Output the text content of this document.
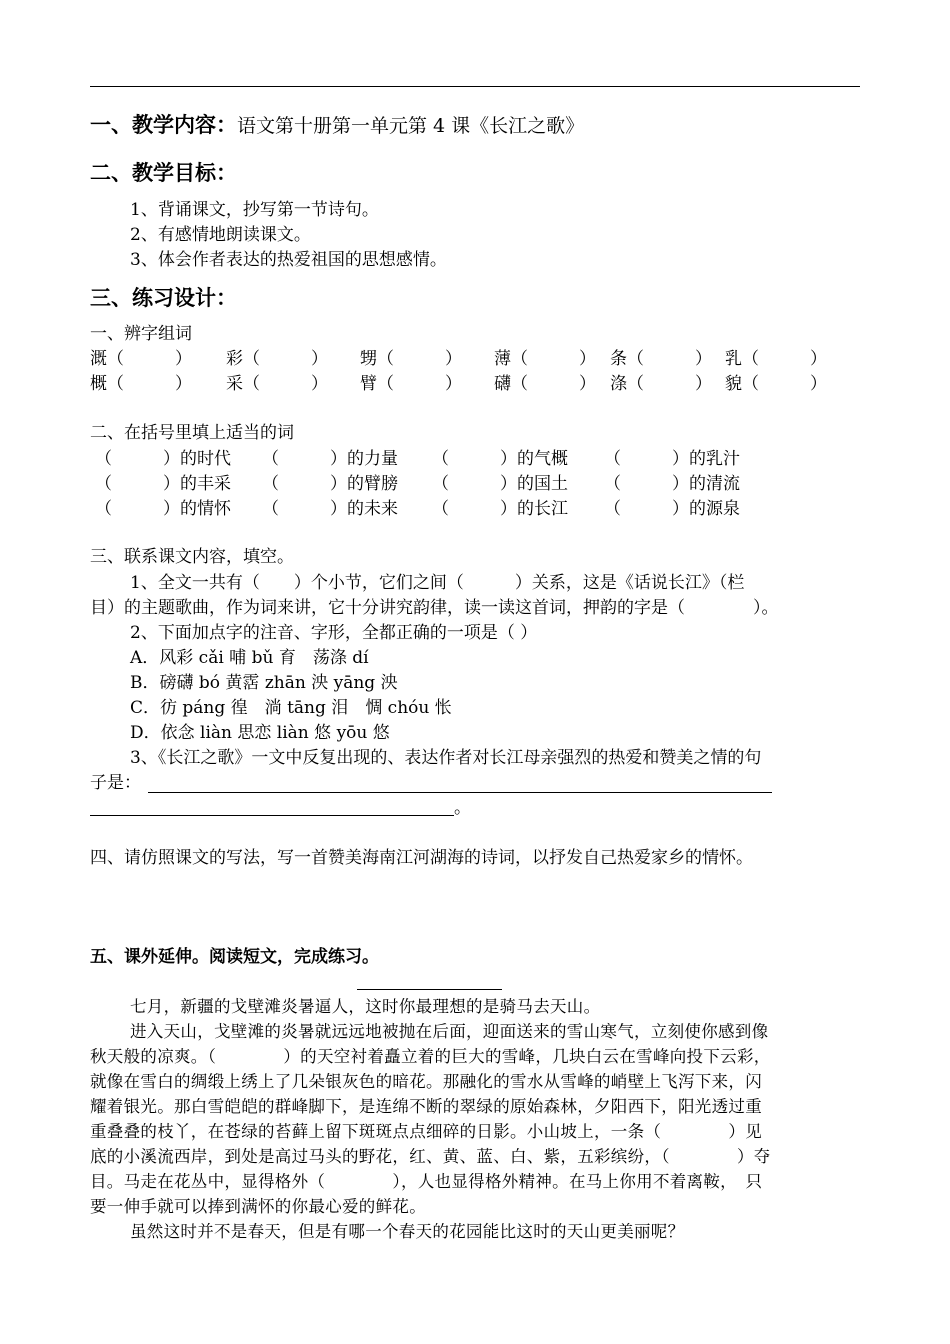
一、教学内容：语文第十册第一单元第 4 课《长江之歌》
二、教学目标：
1、背诵课文，抄写第一节诗句。
2、有感情地朗读课文。
3、体会作者表达的热爱祖国的思想感情。
三、练习设计：
一、辨字组词
溉（　　　） 彩（　　　） 甥（　　　） 薄（　　　） 条（　　　） 乳（　　　）
概（　　　） 采（　　　） 臂（　　　） 礴（　　　） 涤（　　　） 貌（　　　）
二、在括号里填上适当的词
（　　　）的时代 （　　　）的力量 （　　　）的气概 （　　　）的乳汁
（　　　）的丰采 （　　　）的臂膀 （　　　）的国土 （　　　）的清流
（　　　）的情怀 （　　　）的未来 （　　　）的长江 （　　　）的源泉
三、联系课文内容，填空。
1、全文一共有（　　）个小节，它们之间（　　　）关系，这是《话说长江》（栏
目）的主题歌曲，作为词来讲，它十分讲究韵律，读一读这首词，押韵的字是（　　　　）。
2、下面加点字的注音、字形，全都正确的一项是（ ）
A．风彩 cǎi 哺 bǔ 育　荡涤 dí
B．磅礴 bó 黄霑 zhān 泱 yāng 泱
C．彷 páng 徨　淌 tāng 泪　惆 chóu 怅
D．依念 liàn 思恋 liàn 悠 yōu 悠
3、《长江之歌》一文中反复出现的、表达作者对长江母亲强烈的热爱和赞美之情的句
子是：
。
四、请仿照课文的写法，写一首赞美海南江河湖海的诗词，以抒发自己热爱家乡的情怀。
五、课外延伸。阅读短文，完成练习。
七月，新疆的戈壁滩炎暑逼人，这时你最理想的是骑马去天山。
进入天山，戈壁滩的炎暑就远远地被抛在后面，迎面送来的雪山寒气，立刻使你感到像
秋天般的凉爽。（　　　　）的天空衬着矗立着的巨大的雪峰，几块白云在雪峰向投下云彩，
就像在雪白的绸缎上绣上了几朵银灰色的暗花。那融化的雪水从雪峰的峭壁上飞泻下来，闪
耀着银光。那白雪皑皑的群峰脚下，是连绵不断的翠绿的原始森林，夕阳西下，阳光透过重
重叠叠的枝丫，在苍绿的苔藓上留下斑斑点点细碎的日影。小山坡上，一条（　　　　）见
底的小溪流西岸，到处是高过马头的野花，红、黄、蓝、白、紫，五彩缤纷，（　　　　）夺
目。马走在花丛中，显得格外（　　　　），人也显得格外精神。在马上你用不着离鞍，　只
要一伸手就可以捧到满怀的你最心爱的鲜花。
虽然这时并不是春天，但是有哪一个春天的花园能比这时的天山更美丽呢？
